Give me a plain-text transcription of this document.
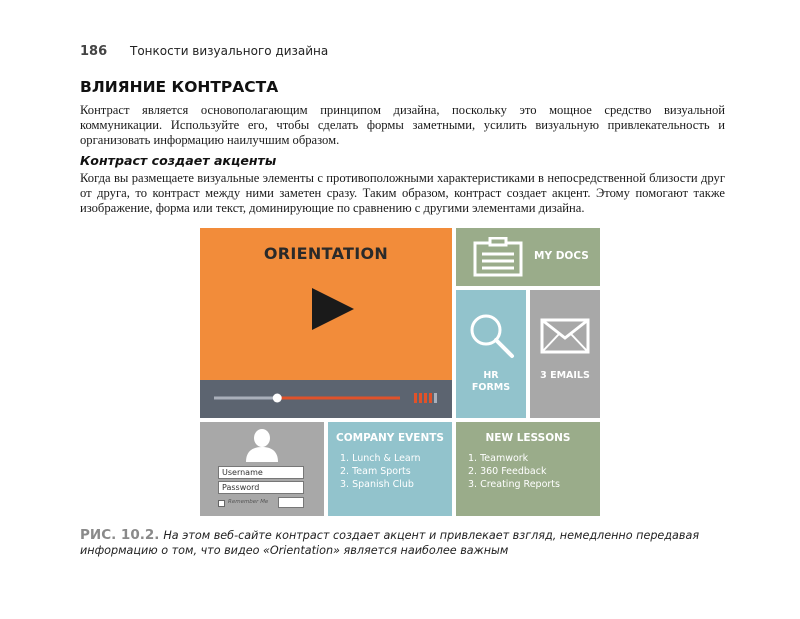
186	Тонкости визуального дизайна
ВЛИЯНИЕ КОНТРАСТА

Контраст является основополагающим принципом дизайна, поскольку это мощное средство визуальной коммуникации. Используйте его, чтобы сделать формы заметными, усилить визуальную привлекательность и организовать информацию наилучшим образом.

Контраст создает акценты

Когда вы размещаете визуальные элементы с противоположными характеристиками в непосредственной близости друг от друга, то контраст между ними заметен сразу. Таким образом, контраст создает акцент. Этому помогают также изображение, форма или текст, доминирующие по сравнению с другими элементами дизайна.

ORIENTATION	MY DOCS
HR
FORMS
3 EMAILS
Username
Password
Remember Me
COMPANY EVENTS
1. Lunch & Learn
2. Team Sports
3. Spanish Club
NEW LESSONS
1. Teamwork
2. 360 Feedback
3. Creating Reports

РИС. 10.2. На этом веб-сайте контраст создает акцент и привлекает взгляд, немедленно передавая информацию о том, что видео «Orientation» является наиболее важным
